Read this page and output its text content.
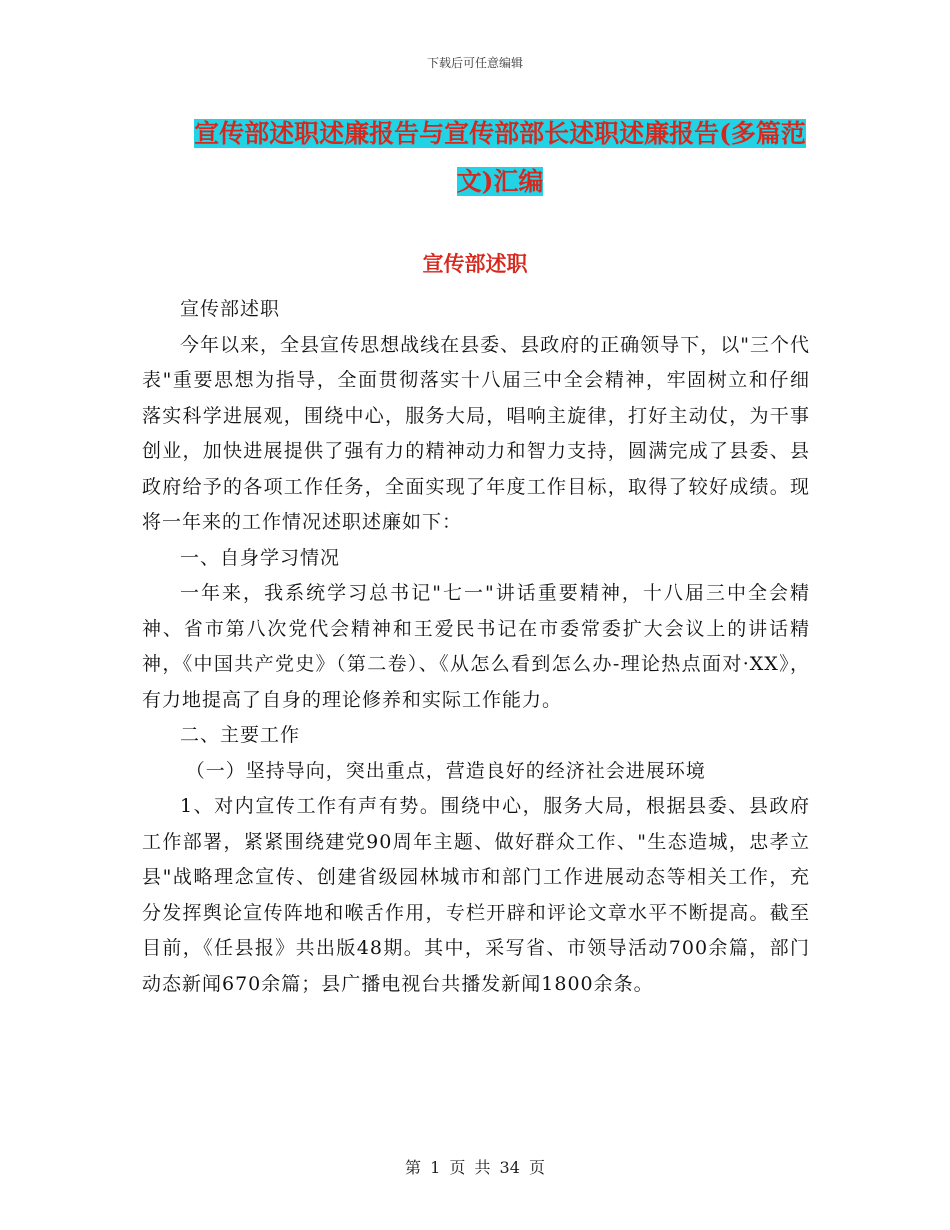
下载后可任意编辑
宣传部述职述廉报告与宣传部部长述职述廉报告(多篇范文)汇编
宣传部述职

宣传部述职

今年以来，全县宣传思想战线在县委、县政府的正确领导下，以"三个代表"重要思想为指导，全面贯彻落实十八届三中全会精神，牢固树立和仔细落实科学进展观，围绕中心，服务大局，唱响主旋律，打好主动仗，为干事创业，加快进展提供了强有力的精神动力和智力支持，圆满完成了县委、县政府给予的各项工作任务，全面实现了年度工作目标，取得了较好成绩。现将一年来的工作情况述职述廉如下：

一、自身学习情况

一年来，我系统学习总书记"七一"讲话重要精神，十八届三中全会精神、省市第八次党代会精神和王爱民书记在市委常委扩大会议上的讲话精神，《中国共产党史》（第二卷）、《从怎么看到怎么办-理论热点面对·XX》，有力地提高了自身的理论修养和实际工作能力。

二、主要工作

（一）坚持导向，突出重点，营造良好的经济社会进展环境

1、对内宣传工作有声有势。围绕中心，服务大局，根据县委、县政府工作部署，紧紧围绕建党90周年主题、做好群众工作、"生态造城，忠孝立县"战略理念宣传、创建省级园林城市和部门工作进展动态等相关工作，充分发挥舆论宣传阵地和喉舌作用，专栏开辟和评论文章水平不断提高。截至目前，《任县报》共出版48期。其中，采写省、市领导活动700余篇，部门动态新闻670余篇；县广播电视台共播发新闻1800余条。

第 1 页 共 34 页
